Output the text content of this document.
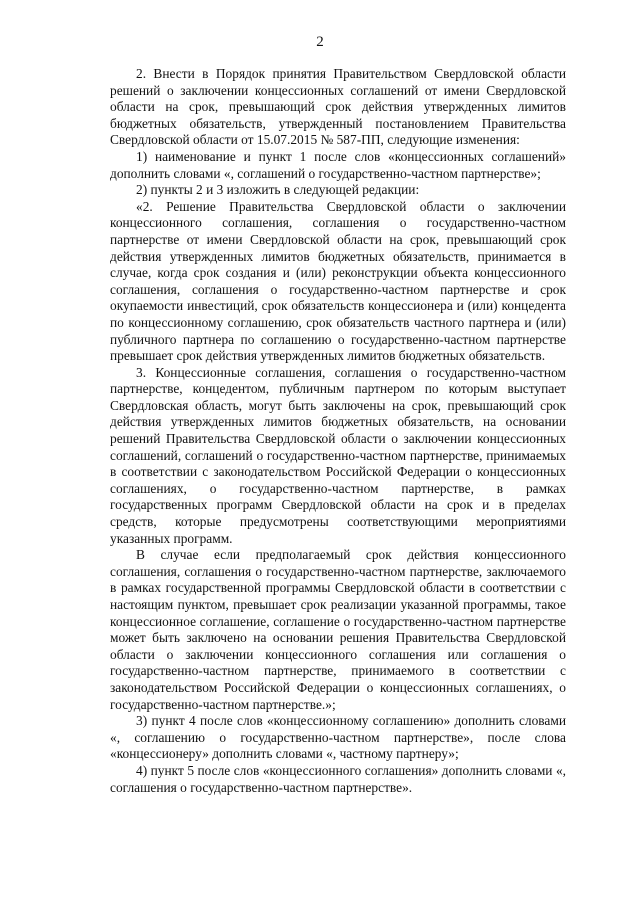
2

2. Внести в Порядок принятия Правительством Свердловской области решений о заключении концессионных соглашений от имени Свердловской области на срок, превышающий срок действия утвержденных лимитов бюджетных обязательств, утвержденный постановлением Правительства Свердловской области от 15.07.2015 № 587-ПП, следующие изменения:

1) наименование и пункт 1 после слов «концессионных соглашений» дополнить словами «, соглашений о государственно-частном партнерстве»;

2) пункты 2 и 3 изложить в следующей редакции:

«2. Решение Правительства Свердловской области о заключении концессионного соглашения, соглашения о государственно-частном партнерстве от имени Свердловской области на срок, превышающий срок действия утвержденных лимитов бюджетных обязательств, принимается в случае, когда срок создания и (или) реконструкции объекта концессионного соглашения, соглашения о государственно-частном партнерстве и срок окупаемости инвестиций, срок обязательств концессионера и (или) концедента по концессионному соглашению, срок обязательств частного партнера и (или) публичного партнера по соглашению о государственно-частном партнерстве превышает срок действия утвержденных лимитов бюджетных обязательств.

3. Концессионные соглашения, соглашения о государственно-частном партнерстве, концедентом, публичным партнером по которым выступает Свердловская область, могут быть заключены на срок, превышающий срок действия утвержденных лимитов бюджетных обязательств, на основании решений Правительства Свердловской области о заключении концессионных соглашений, соглашений о государственно-частном партнерстве, принимаемых в соответствии с законодательством Российской Федерации о концессионных соглашениях, о государственно-частном партнерстве, в рамках государственных программ Свердловской области на срок и в пределах средств, которые предусмотрены соответствующими мероприятиями указанных программ.

В случае если предполагаемый срок действия концессионного соглашения, соглашения о государственно-частном партнерстве, заключаемого в рамках государственной программы Свердловской области в соответствии с настоящим пунктом, превышает срок реализации указанной программы, такое концессионное соглашение, соглашение о государственно-частном партнерстве может быть заключено на основании решения Правительства Свердловской области о заключении концессионного соглашения или соглашения о государственно-частном партнерстве, принимаемого в соответствии с законодательством Российской Федерации о концессионных соглашениях, о государственно-частном партнерстве.»;

3) пункт 4 после слов «концессионному соглашению» дополнить словами «, соглашению о государственно-частном партнерстве», после слова «концессионеру» дополнить словами «, частному партнеру»;

4) пункт 5 после слов «концессионного соглашения» дополнить словами «, соглашения о государственно-частном партнерстве».
